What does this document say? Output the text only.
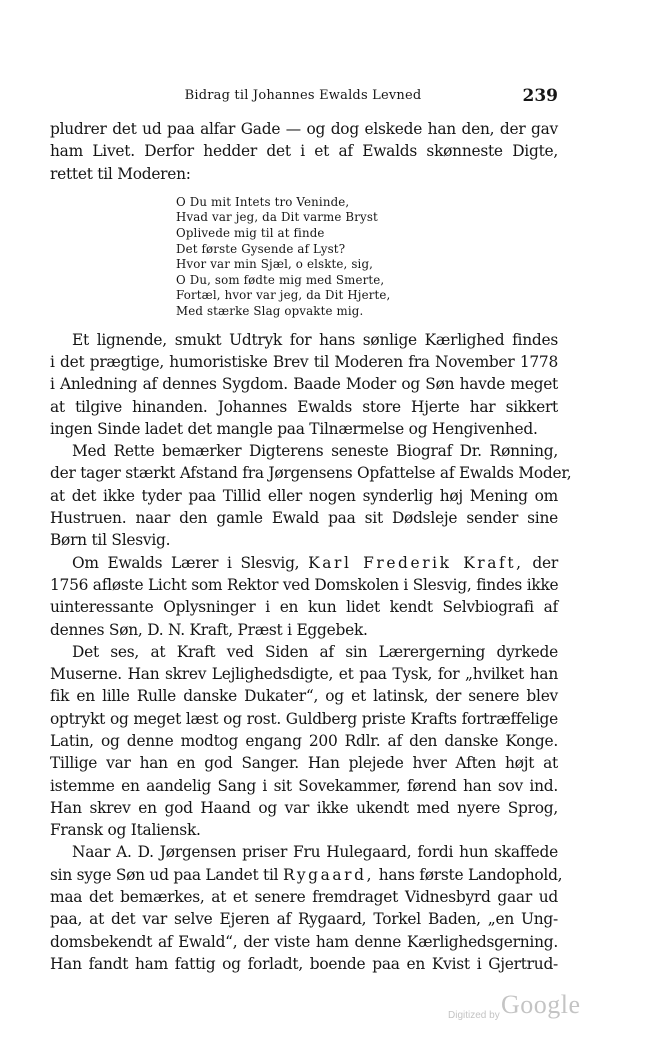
Bidrag til Johannes Ewalds Levned	239
pludrer det ud paa alfar Gade — og dog elskede han den, der gav
ham Livet. Derfor hedder det i et af Ewalds skønneste Digte,
rettet til Moderen:
O Du mit Intets tro Veninde,
Hvad var jeg, da Dit varme Bryst
Oplivede mig til at finde
Det første Gysende af Lyst?
Hvor var min Sjæl, o elskte, sig,
O Du, som fødte mig med Smerte,
Fortæl, hvor var jeg, da Dit Hjerte,
Med stærke Slag opvakte mig.
Et lignende, smukt Udtryk for hans sønlige Kærlighed findes
i det prægtige, humoristiske Brev til Moderen fra November 1778
i Anledning af dennes Sygdom. Baade Moder og Søn havde meget
at tilgive hinanden. Johannes Ewalds store Hjerte har sikkert
ingen Sinde ladet det mangle paa Tilnærmelse og Hengivenhed.
Med Rette bemærker Digterens seneste Biograf Dr. Rønning,
der tager stærkt Afstand fra Jørgensens Opfattelse af Ewalds Moder,
at det ikke tyder paa Tillid eller nogen synderlig høj Mening om
Hustruen. naar den gamle Ewald paa sit Dødsleje sender sine
Børn til Slesvig.
Om Ewalds Lærer i Slesvig, Karl Frederik Kraft, der
1756 afløste Licht som Rektor ved Domskolen i Slesvig, findes ikke
uinteressante Oplysninger i en kun lidet kendt Selvbiografi af
dennes Søn, D. N. Kraft, Præst i Eggebek.
Det ses, at Kraft ved Siden af sin Lærergerning dyrkede
Muserne. Han skrev Lejlighedsdigte, et paa Tysk, for „hvilket han
fik en lille Rulle danske Dukater“, og et latinsk, der senere blev
optrykt og meget læst og rost. Guldberg priste Krafts fortræffelige
Latin, og denne modtog engang 200 Rdlr. af den danske Konge.
Tillige var han en god Sanger. Han plejede hver Aften højt at
istemme en aandelig Sang i sit Sovekammer, førend han sov ind.
Han skrev en god Haand og var ikke ukendt med nyere Sprog,
Fransk og Italiensk.
Naar A. D. Jørgensen priser Fru Hulegaard, fordi hun skaffede
sin syge Søn ud paa Landet til Rygaard, hans første Landophold,
maa det bemærkes, at et senere fremdraget Vidnesbyrd gaar ud
paa, at det var selve Ejeren af Rygaard, Torkel Baden, „en Ung-
domsbekendt af Ewald“, der viste ham denne Kærlighedsgerning.
Han fandt ham fattig og forladt, boende paa en Kvist i Gjertrud-
Digitized by Google
